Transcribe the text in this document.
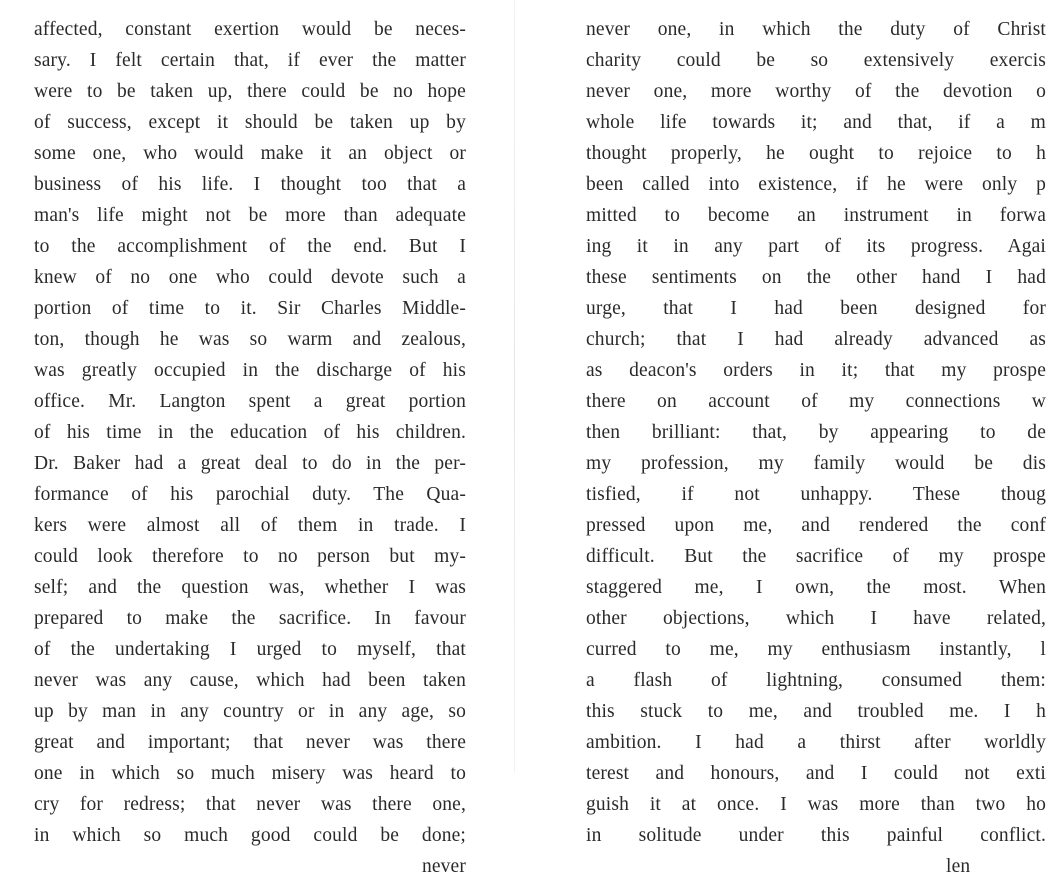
affected, constant exertion would be neces-
sary. I felt certain that, if ever the matter
were to be taken up, there could be no hope
of success, except it should be taken up by
some one, who would make it an object or
business of his life. I thought too that a
man's life might not be more than adequate
to the accomplishment of the end. But I
knew of no one who could devote such a
portion of time to it. Sir Charles Middle-
ton, though he was so warm and zealous,
was greatly occupied in the discharge of his
office. Mr. Langton spent a great portion
of his time in the education of his children.
Dr. Baker had a great deal to do in the per-
formance of his parochial duty. The Qua-
kers were almost all of them in trade. I
could look therefore to no person but my-
self; and the question was, whether I was
prepared to make the sacrifice. In favour
of the undertaking I urged to myself, that
never was any cause, which had been taken
up by man in any country or in any age, so
great and important; that never was there
one in which so much misery was heard to
cry for redress; that never was there one,
in which so much good could be done;
never
never one, in which the duty of Christ
charity could be so extensively exercis
never one, more worthy of the devotion o
whole life towards it; and that, if a m
thought properly, he ought to rejoice to h
been called into existence, if he were only p
mitted to become an instrument in forwa
ing it in any part of its progress. Agai
these sentiments on the other hand I had
urge, that I had been designed for
church; that I had already advanced as
as deacon's orders in it; that my prospe
there on account of my connections w
then brilliant: that, by appearing to de
my profession, my family would be dis
tisfied, if not unhappy. These thoug
pressed upon me, and rendered the conf
difficult. But the sacrifice of my prospe
staggered me, I own, the most. When
other objections, which I have related,
curred to me, my enthusiasm instantly, l
a flash of lightning, consumed them:
this stuck to me, and troubled me. I h
ambition. I had a thirst after worldly
terest and honours, and I could not exti
guish it at once. I was more than two ho
in solitude under this painful conflict.
len
